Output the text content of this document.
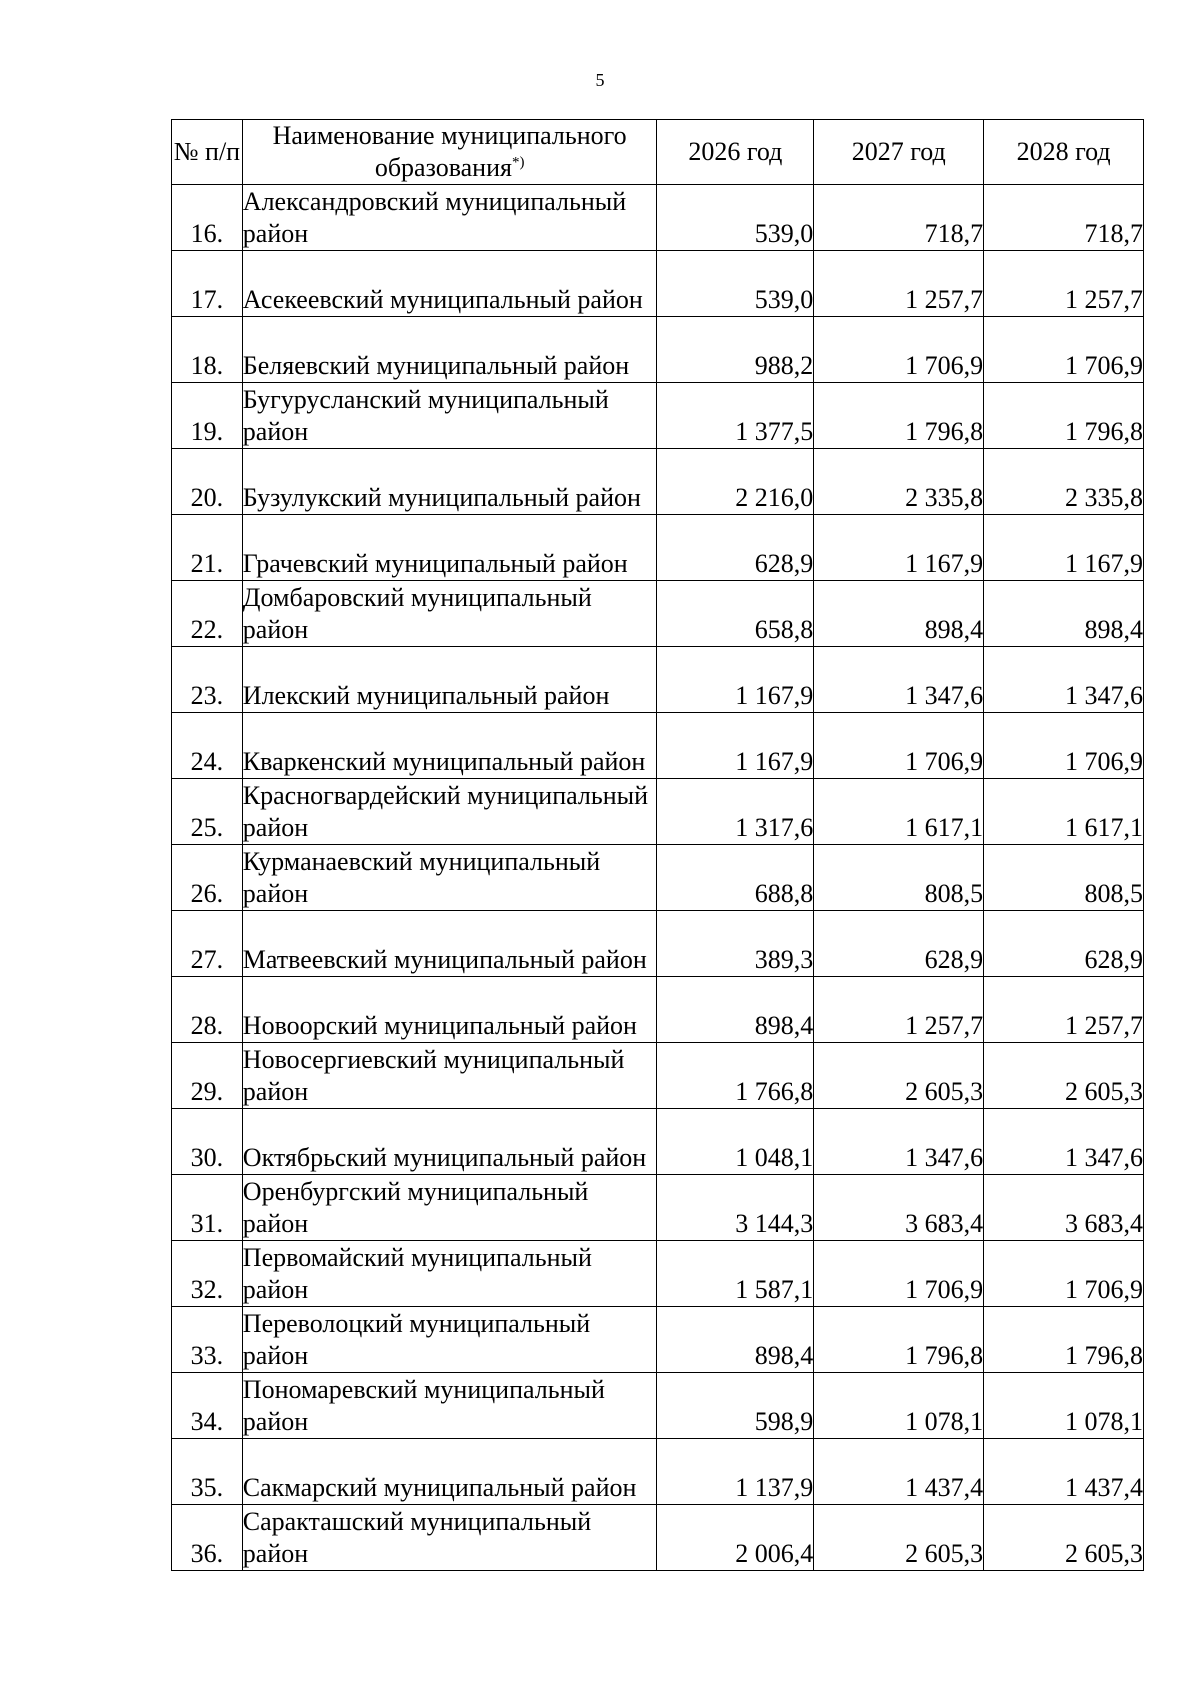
5
№ п/п	Наименование муниципального образования*)	2026 год	2027 год	2028 год
16.	Александровский муниципальный район	539,0	718,7	718,7
17.	Асекеевский муниципальный район	539,0	1 257,7	1 257,7
18.	Беляевский муниципальный район	988,2	1 706,9	1 706,9
19.	Бугурусланский муниципальный район	1 377,5	1 796,8	1 796,8
20.	Бузулукский муниципальный район	2 216,0	2 335,8	2 335,8
21.	Грачевский муниципальный район	628,9	1 167,9	1 167,9
22.	Домбаровский муниципальный район	658,8	898,4	898,4
23.	Илекский муниципальный район	1 167,9	1 347,6	1 347,6
24.	Кваркенский муниципальный район	1 167,9	1 706,9	1 706,9
25.	Красногвардейский муниципальный район	1 317,6	1 617,1	1 617,1
26.	Курманаевский муниципальный район	688,8	808,5	808,5
27.	Матвеевский муниципальный район	389,3	628,9	628,9
28.	Новоорский муниципальный район	898,4	1 257,7	1 257,7
29.	Новосергиевский муниципальный район	1 766,8	2 605,3	2 605,3
30.	Октябрьский муниципальный район	1 048,1	1 347,6	1 347,6
31.	Оренбургский муниципальный район	3 144,3	3 683,4	3 683,4
32.	Первомайский муниципальный район	1 587,1	1 706,9	1 706,9
33.	Переволоцкий муниципальный район	898,4	1 796,8	1 796,8
34.	Пономаревский муниципальный район	598,9	1 078,1	1 078,1
35.	Сакмарский муниципальный район	1 137,9	1 437,4	1 437,4
36.	Саракташский муниципальный район	2 006,4	2 605,3	2 605,3
